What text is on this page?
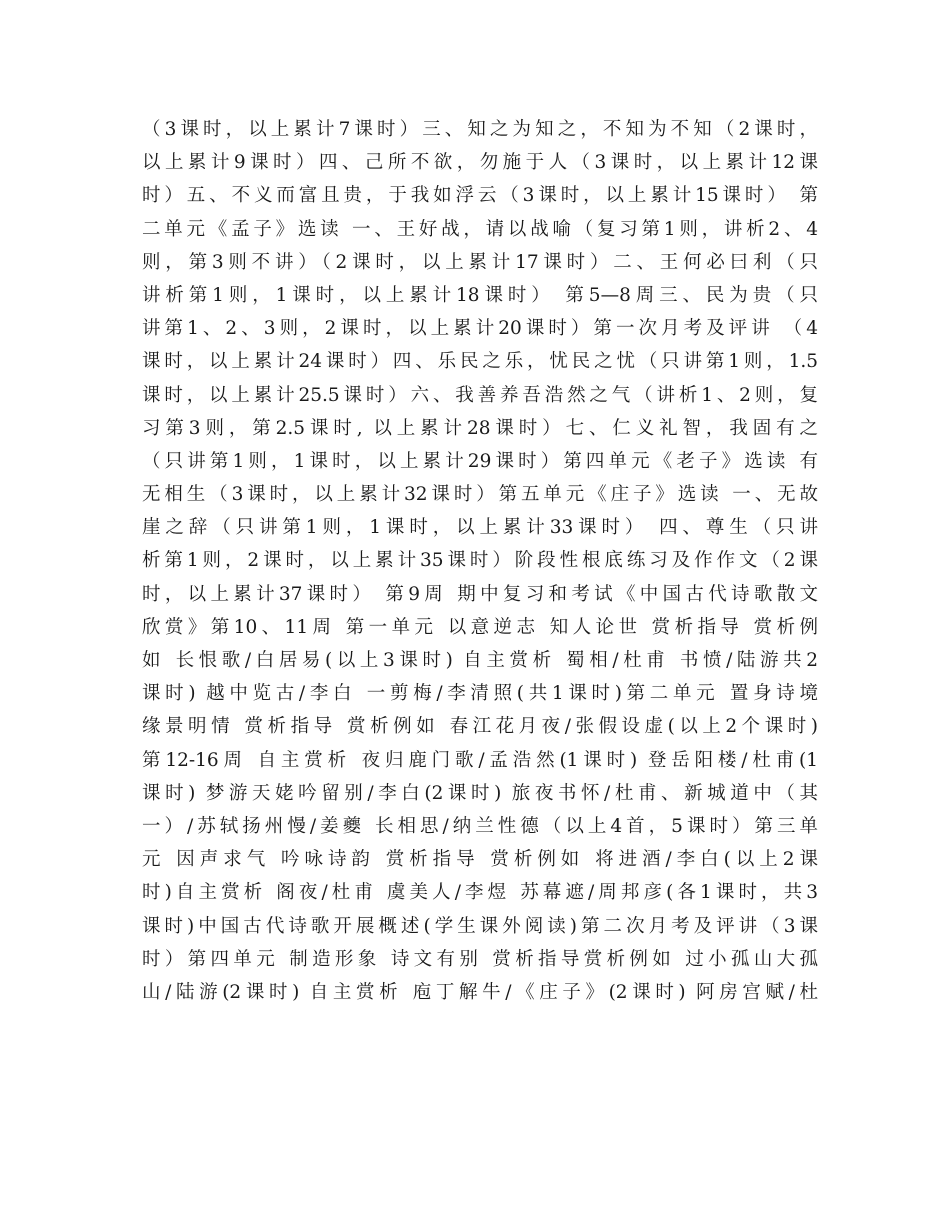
（3课时，以上累计7课时）三、知之为知之，不知为不知（2课时，
以上累计9课时）四、己所不欲，勿施于人（3课时，以上累计12课
时）五、不义而富且贵，于我如浮云（3课时，以上累计15课时） 第
二单元《孟子》选读 一、王好战，请以战喻（复习第1则，讲析2、4
则，第3则不讲）（2课时，以上累计17课时）二、王何必曰利（只
讲析第1则，1课时，以上累计18课时） 第5—8周三、民为贵（只
讲第1、2、3则，2课时，以上累计20课时）第一次月考及评讲 （4
课时，以上累计24课时）四、乐民之乐，忧民之忧（只讲第1则，1.5
课时，以上累计25.5课时）六、我善养吾浩然之气（讲析1、2则，复
习第3则，第2.5课时, 以上累计28课时）七、仁义礼智，我固有之
（只讲第1则，1课时，以上累计29课时）第四单元《老子》选读 有
无相生（3课时，以上累计32课时）第五单元《庄子》选读 一、无故
崖之辞（只讲第1则，1课时，以上累计33课时） 四、尊生（只讲
析第1则，2课时，以上累计35课时）阶段性根底练习及作作文（2课
时，以上累计37课时） 第9周 期中复习和考试《中国古代诗歌散文
欣赏》第10、11周 第一单元 以意逆志 知人论世 赏析指导 赏析例
如 长恨歌/白居易(以上3课时) 自主赏析 蜀相/杜甫 书愤/陆游共2
课时) 越中览古/李白 一剪梅/李清照(共1课时)第二单元 置身诗境
缘景明情 赏析指导 赏析例如 春江花月夜/张假设虚(以上2个课时)
第12-16周 自主赏析 夜归鹿门歌/孟浩然(1课时) 登岳阳楼/杜甫(1
课时) 梦游天姥吟留别/李白(2课时) 旅夜书怀/杜甫、新城道中（其
一）/苏轼扬州慢/姜夔 长相思/纳兰性德（以上4首，5课时）第三单
元 因声求气 吟咏诗韵 赏析指导 赏析例如 将进酒/李白(以上2课
时)自主赏析 阁夜/杜甫 虞美人/李煜 苏幕遮/周邦彦(各1课时，共3
课时)中国古代诗歌开展概述(学生课外阅读)第二次月考及评讲（3课
时）第四单元 制造形象 诗文有别 赏析指导赏析例如 过小孤山大孤
山/陆游(2课时) 自主赏析 庖丁解牛/《庄子》(2课时) 阿房宫赋/杜
